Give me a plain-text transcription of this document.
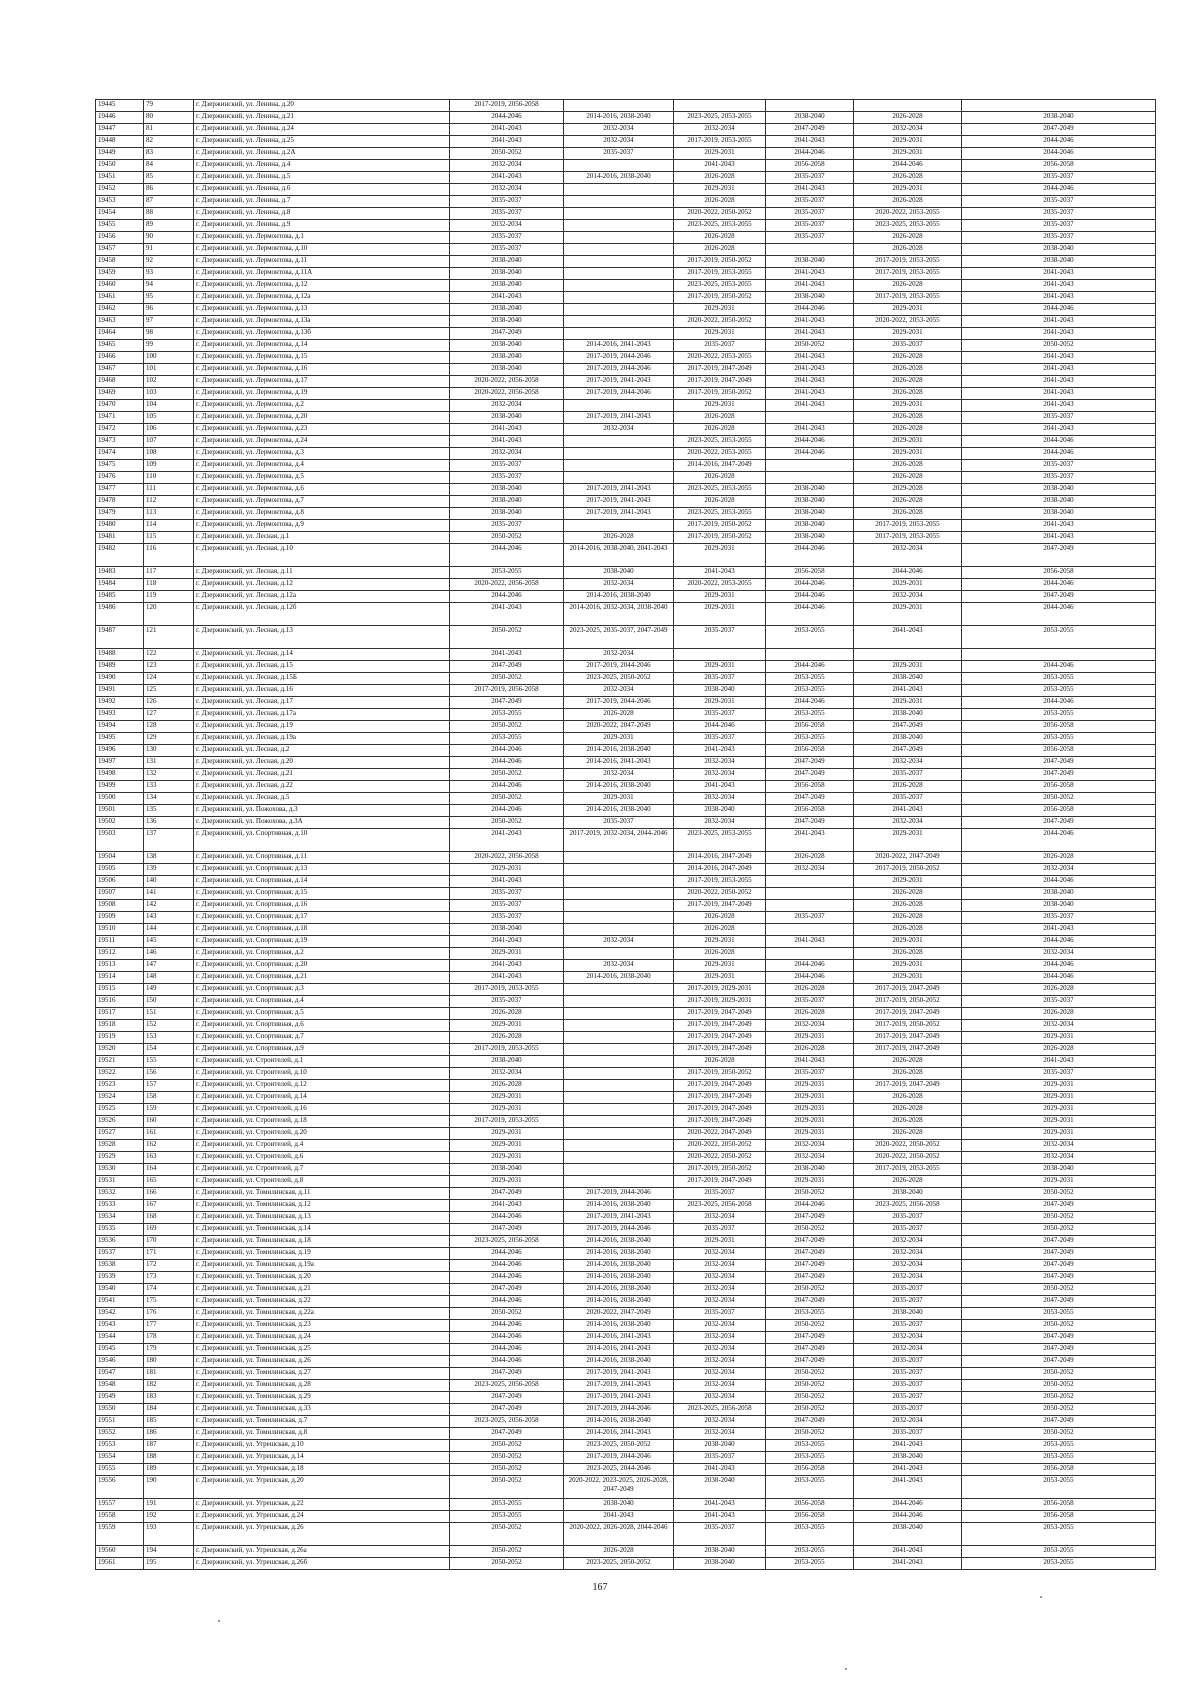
19445	79	г. Дзержинский, ул. Ленина, д.20	2017-2019, 2056-2058					
19446	80	г. Дзержинский, ул. Ленина, д.21	2044-2046	2014-2016, 2038-2040	2023-2025, 2053-2055	2038-2040	2026-2028	2038-2040
19447	81	г. Дзержинский, ул. Ленина, д.24	2041-2043	2032-2034	2032-2034	2047-2049	2032-2034	2047-2049
19448	82	г. Дзержинский, ул. Ленина, д.25	2041-2043	2032-2034	2017-2019, 2053-2055	2041-2043	2029-2031	2044-2046
19449	83	г. Дзержинский, ул. Ленина, д.2А	2050-2052	2035-2037	2029-2031	2044-2046	2029-2031	2044-2046
19450	84	г. Дзержинский, ул. Ленина, д.4	2032-2034		2041-2043	2056-2058	2044-2046	2056-2058
19451	85	г. Дзержинский, ул. Ленина, д.5	2041-2043	2014-2016, 2038-2040	2026-2028	2035-2037	2026-2028	2035-2037
19452	86	г. Дзержинский, ул. Ленина, д.6	2032-2034		2029-2031	2041-2043	2029-2031	2044-2046
19453	87	г. Дзержинский, ул. Ленина, д.7	2035-2037		2026-2028	2035-2037	2026-2028	2035-2037
19454	88	г. Дзержинский, ул. Ленина, д.8	2035-2037		2020-2022, 2050-2052	2035-2037	2020-2022, 2053-2055	2035-2037
19455	89	г. Дзержинский, ул. Ленина, д.9	2032-2034		2023-2025, 2053-2055	2035-2037	2023-2025, 2053-2055	2035-2037
19456	90	г. Дзержинский, ул. Лермонтова, д.1	2035-2037		2026-2028	2035-2037	2026-2028	2035-2037
19457	91	г. Дзержинский, ул. Лермонтова, д.10	2035-2037		2026-2028		2026-2028	2038-2040
19458	92	г. Дзержинский, ул. Лермонтова, д.11	2038-2040		2017-2019, 2050-2052	2038-2040	2017-2019, 2053-2055	2038-2040
19459	93	г. Дзержинский, ул. Лермонтова, д.11А	2038-2040		2017-2019, 2053-2055	2041-2043	2017-2019, 2053-2055	2041-2043
19460	94	г. Дзержинский, ул. Лермонтова, д.12	2038-2040		2023-2025, 2053-2055	2041-2043	2026-2028	2041-2043
19461	95	г. Дзержинский, ул. Лермонтова, д.12а	2041-2043		2017-2019, 2050-2052	2038-2040	2017-2019, 2053-2055	2041-2043
19462	96	г. Дзержинский, ул. Лермонтова, д.13	2038-2040		2029-2031	2044-2046	2029-2031	2044-2046
19463	97	г. Дзержинский, ул. Лермонтова, д.13а	2038-2040		2020-2022, 2050-2052	2041-2043	2020-2022, 2053-2055	2041-2043
19464	98	г. Дзержинский, ул. Лермонтова, д.13б	2047-2049		2029-2031	2041-2043	2029-2031	2041-2043
19465	99	г. Дзержинский, ул. Лермонтова, д.14	2038-2040	2014-2016, 2041-2043	2035-2037	2050-2052	2035-2037	2050-2052
19466	100	г. Дзержинский, ул. Лермонтова, д.15	2038-2040	2017-2019, 2044-2046	2020-2022, 2053-2055	2041-2043	2026-2028	2041-2043
19467	101	г. Дзержинский, ул. Лермонтова, д.16	2038-2040	2017-2019, 2044-2046	2017-2019, 2047-2049	2041-2043	2026-2028	2041-2043
19468	102	г. Дзержинский, ул. Лермонтова, д.17	2020-2022, 2056-2058	2017-2019, 2041-2043	2017-2019, 2047-2049	2041-2043	2026-2028	2041-2043
19469	103	г. Дзержинский, ул. Лермонтова, д.19	2020-2022, 2056-2058	2017-2019, 2044-2046	2017-2019, 2050-2052	2041-2043	2026-2028	2041-2043
19470	104	г. Дзержинский, ул. Лермонтова, д.2	2032-2034		2029-2031	2041-2043	2029-2031	2041-2043
19471	105	г. Дзержинский, ул. Лермонтова, д.20	2038-2040	2017-2019, 2041-2043	2026-2028		2026-2028	2035-2037
19472	106	г. Дзержинский, ул. Лермонтова, д.23	2041-2043	2032-2034	2026-2028	2041-2043	2026-2028	2041-2043
19473	107	г. Дзержинский, ул. Лермонтова, д.24	2041-2043		2023-2025, 2053-2055	2044-2046	2029-2031	2044-2046
19474	108	г. Дзержинский, ул. Лермонтова, д.3	2032-2034		2020-2022, 2053-2055	2044-2046	2029-2031	2044-2046
19475	109	г. Дзержинский, ул. Лермонтова, д.4	2035-2037		2014-2016, 2047-2049		2026-2028	2035-2037
19476	110	г. Дзержинский, ул. Лермонтова, д.5	2035-2037		2026-2028		2026-2028	2035-2037
19477	111	г. Дзержинский, ул. Лермонтова, д.6	2038-2040	2017-2019, 2041-2043	2023-2025, 2053-2055	2038-2040	2029-2028	2038-2040
19478	112	г. Дзержинский, ул. Лермонтова, д.7	2038-2040	2017-2019, 2041-2043	2026-2028	2038-2040	2026-2028	2038-2040
19479	113	г. Дзержинский, ул. Лермонтова, д.8	2038-2040	2017-2019, 2041-2043	2023-2025, 2053-2055	2038-2040	2026-2028	2038-2040
19480	114	г. Дзержинский, ул. Лермонтова, д.9	2035-2037		2017-2019, 2050-2052	2038-2040	2017-2019, 2053-2055	2041-2043
19481	115	г. Дзержинский, ул. Лесная, д.1	2050-2052	2026-2028	2017-2019, 2050-2052	2038-2040	2017-2019, 2053-2055	2041-2043
19482	116	г. Дзержинский, ул. Лесная, д.10	2044-2046	2014-2016, 2038-2040, 2041-2043	2029-2031	2044-2046	2032-2034	2047-2049
19483	117	г. Дзержинский, ул. Лесная, д.11	2053-2055	2038-2040	2041-2043	2056-2058	2044-2046	2056-2058
19484	118	г. Дзержинский, ул. Лесная, д.12	2020-2022, 2056-2058	2032-2034	2020-2022, 2053-2055	2044-2046	2029-2031	2044-2046
19485	119	г. Дзержинский, ул. Лесная, д.12а	2044-2046	2014-2016, 2038-2040	2029-2031	2044-2046	2032-2034	2047-2049
19486	120	г. Дзержинский, ул. Лесная, д.12б	2041-2043	2014-2016, 2032-2034, 2038-2040	2029-2031	2044-2046	2029-2031	2044-2046
19487	121	г. Дзержинский, ул. Лесная, д.13	2050-2052	2023-2025, 2035-2037, 2047-2049	2035-2037	2053-2055	2041-2043	2053-2055
19488	122	г. Дзержинский, ул. Лесная, д.14	2041-2043	2032-2034				
19489	123	г. Дзержинский, ул. Лесная, д.15	2047-2049	2017-2019, 2044-2046	2029-2031	2044-2046	2029-2031	2044-2046
19490	124	г. Дзержинский, ул. Лесная, д.15Б	2050-2052	2023-2025, 2050-2052	2035-2037	2053-2055	2038-2040	2053-2055
19491	125	г. Дзержинский, ул. Лесная, д.16	2017-2019, 2056-2058	2032-2034	2038-2040	2053-2055	2041-2043	2053-2055
19492	126	г. Дзержинский, ул. Лесная, д.17	2047-2049	2017-2019, 2044-2046	2029-2031	2044-2046	2029-2031	2044-2046
19493	127	г. Дзержинский, ул. Лесная, д.17а	2053-2055	2026-2028	2035-2037	2053-2055	2038-2040	2053-2055
19494	128	г. Дзержинский, ул. Лесная, д.19	2050-2052	2020-2022, 2047-2049	2044-2046	2056-2058	2047-2049	2056-2058
19495	129	г. Дзержинский, ул. Лесная, д.19а	2053-2055	2029-2031	2035-2037	2053-2055	2038-2040	2053-2055
19496	130	г. Дзержинский, ул. Лесная, д.2	2044-2046	2014-2016, 2038-2040	2041-2043	2056-2058	2047-2049	2056-2058
19497	131	г. Дзержинский, ул. Лесная, д.20	2044-2046	2014-2016, 2041-2043	2032-2034	2047-2049	2032-2034	2047-2049
19498	132	г. Дзержинский, ул. Лесная, д.21	2050-2052	2032-2034	2032-2034	2047-2049	2035-2037	2047-2049
19499	133	г. Дзержинский, ул. Лесная, д.22	2044-2046	2014-2016, 2038-2040	2041-2043	2056-2058	2026-2028	2056-2058
19500	134	г. Дзержинский, ул. Лесная, д.5	2050-2052	2029-2031	2032-2034	2047-2049	2035-2037	2050-2052
19501	135	г. Дзержинский, ул. Пожохова, д.3	2044-2046	2014-2016, 2038-2040	2038-2040	2056-2058	2041-2043	2056-2058
19502	136	г. Дзержинский, ул. Пожохова, д.3А	2050-2052	2035-2037	2032-2034	2047-2049	2032-2034	2047-2049
19503	137	г. Дзержинский, ул. Спортивная, д.10	2041-2043	2017-2019, 2032-2034, 2044-2046	2023-2025, 2053-2055	2041-2043	2029-2031	2044-2046
19504	138	г. Дзержинский, ул. Спортивная, д.11	2020-2022, 2056-2058		2014-2016, 2047-2049	2026-2028	2020-2022, 2047-2049	2026-2028
19505	139	г. Дзержинский, ул. Спортивная, д.13	2029-2031		2014-2016, 2047-2049	2032-2034	2017-2019, 2050-2052	2032-2034
19506	140	г. Дзержинский, ул. Спортивная, д.14	2041-2043		2017-2019, 2053-2055		2029-2031	2044-2046
19507	141	г. Дзержинский, ул. Спортивная, д.15	2035-2037		2020-2022, 2050-2052		2026-2028	2038-2040
19508	142	г. Дзержинский, ул. Спортивная, д.16	2035-2037		2017-2019, 2047-2049		2026-2028	2038-2040
19509	143	г. Дзержинский, ул. Спортивная, д.17	2035-2037		2026-2028	2035-2037	2026-2028	2035-2037
19510	144	г. Дзержинский, ул. Спортивная, д.18	2038-2040		2026-2028		2026-2028	2041-2043
19511	145	г. Дзержинский, ул. Спортивная, д.19	2041-2043	2032-2034	2029-2031	2041-2043	2029-2031	2044-2046
19512	146	г. Дзержинский, ул. Спортивная, д.2	2029-2031		2026-2028		2026-2028	2032-2034
19513	147	г. Дзержинский, ул. Спортивная, д.20	2041-2043	2032-2034	2029-2031	2044-2046	2029-2031	2044-2046
19514	148	г. Дзержинский, ул. Спортивная, д.21	2041-2043	2014-2016, 2038-2040	2029-2031	2044-2046	2029-2031	2044-2046
19515	149	г. Дзержинский, ул. Спортивная, д.3	2017-2019, 2053-2055		2017-2019, 2029-2031	2026-2028	2017-2019, 2047-2049	2026-2028
19516	150	г. Дзержинский, ул. Спортивная, д.4	2035-2037		2017-2019, 2029-2031	2035-2037	2017-2019, 2050-2052	2035-2037
19517	151	г. Дзержинский, ул. Спортивная, д.5	2026-2028		2017-2019, 2047-2049	2026-2028	2017-2019, 2047-2049	2026-2028
19518	152	г. Дзержинский, ул. Спортивная, д.6	2029-2031		2017-2019, 2047-2049	2032-2034	2017-2019, 2050-2052	2032-2034
19519	153	г. Дзержинский, ул. Спортивная, д.7	2026-2028		2017-2019, 2047-2049	2029-2031	2017-2019, 2047-2049	2029-2031
19520	154	г. Дзержинский, ул. Спортивная, д.9	2017-2019, 2053-2055		2017-2019, 2047-2049	2026-2028	2017-2019, 2047-2049	2026-2028
19521	155	г. Дзержинский, ул. Строителей, д.1	2038-2040		2026-2028	2041-2043	2026-2028	2041-2043
19522	156	г. Дзержинский, ул. Строителей, д.10	2032-2034		2017-2019, 2050-2052	2035-2037	2026-2028	2035-2037
19523	157	г. Дзержинский, ул. Строителей, д.12	2026-2028		2017-2019, 2047-2049	2029-2031	2017-2019, 2047-2049	2029-2031
19524	158	г. Дзержинский, ул. Строителей, д.14	2029-2031		2017-2019, 2047-2049	2029-2031	2026-2028	2029-2031
19525	159	г. Дзержинский, ул. Строителей, д.16	2029-2031		2017-2019, 2047-2049	2029-2031	2026-2028	2029-2031
19526	160	г. Дзержинский, ул. Строителей, д.18	2017-2019, 2053-2055		2017-2019, 2047-2049	2029-2031	2026-2028	2029-2031
19527	161	г. Дзержинский, ул. Строителей, д.20	2029-2031		2020-2022, 2047-2049	2029-2031	2026-2028	2029-2031
19528	162	г. Дзержинский, ул. Строителей, д.4	2029-2031		2020-2022, 2050-2052	2032-2034	2020-2022, 2050-2052	2032-2034
19529	163	г. Дзержинский, ул. Строителей, д.6	2029-2031		2020-2022, 2050-2052	2032-2034	2020-2022, 2050-2052	2032-2034
19530	164	г. Дзержинский, ул. Строителей, д.7	2038-2040		2017-2019, 2050-2052	2038-2040	2017-2019, 2053-2055	2038-2040
19531	165	г. Дзержинский, ул. Строителей, д.8	2029-2031		2017-2019, 2047-2049	2029-2031	2026-2028	2029-2031
19532	166	г. Дзержинский, ул. Томилинская, д.11	2047-2049	2017-2019, 2044-2046	2035-2037	2050-2052	2038-2040	2050-2052
19533	167	г. Дзержинский, ул. Томилинская, д.12	2041-2043	2014-2016, 2038-2040	2023-2025, 2056-2058	2044-2046	2023-2025, 2056-2058	2047-2049
19534	168	г. Дзержинский, ул. Томилинская, д.13	2044-2046	2017-2019, 2041-2043	2032-2034	2047-2049	2035-2037	2050-2052
19535	169	г. Дзержинский, ул. Томилинская, д.14	2047-2049	2017-2019, 2044-2046	2035-2037	2050-2052	2035-2037	2050-2052
19536	170	г. Дзержинский, ул. Томилинская, д.18	2023-2025, 2056-2058	2014-2016, 2038-2040	2029-2031	2047-2049	2032-2034	2047-2049
19537	171	г. Дзержинский, ул. Томилинская, д.19	2044-2046	2014-2016, 2038-2040	2032-2034	2047-2049	2032-2034	2047-2049
19538	172	г. Дзержинский, ул. Томилинская, д.19а	2044-2046	2014-2016, 2038-2040	2032-2034	2047-2049	2032-2034	2047-2049
19539	173	г. Дзержинский, ул. Томилинская, д.20	2044-2046	2014-2016, 2038-2040	2032-2034	2047-2049	2032-2034	2047-2049
19540	174	г. Дзержинский, ул. Томилинская, д.21	2047-2049	2014-2016, 2038-2040	2032-2034	2050-2052	2035-2037	2050-2052
19541	175	г. Дзержинский, ул. Томилинская, д.22	2044-2046	2014-2016, 2038-2040	2032-2034	2047-2049	2035-2037	2047-2049
19542	176	г. Дзержинский, ул. Томилинская, д.22а	2050-2052	2020-2022, 2047-2049	2035-2037	2053-2055	2038-2040	2053-2055
19543	177	г. Дзержинский, ул. Томилинская, д.23	2044-2046	2014-2016, 2038-2040	2032-2034	2050-2052	2035-2037	2050-2052
19544	178	г. Дзержинский, ул. Томилинская, д.24	2044-2046	2014-2016, 2041-2043	2032-2034	2047-2049	2032-2034	2047-2049
19545	179	г. Дзержинский, ул. Томилинская, д.25	2044-2046	2014-2016, 2041-2043	2032-2034	2047-2049	2032-2034	2047-2049
19546	180	г. Дзержинский, ул. Томилинская, д.26	2044-2046	2014-2016, 2038-2040	2032-2034	2047-2049	2035-2037	2047-2049
19547	181	г. Дзержинский, ул. Томилинская, д.27	2047-2049	2017-2019, 2041-2043	2032-2034	2050-2052	2035-2037	2050-2052
19548	182	г. Дзержинский, ул. Томилинская, д.28	2023-2025, 2056-2058	2017-2019, 2041-2043	2032-2034	2050-2052	2035-2037	2050-2052
19549	183	г. Дзержинский, ул. Томилинская, д.29	2047-2049	2017-2019, 2041-2043	2032-2034	2050-2052	2035-2037	2050-2052
19550	184	г. Дзержинский, ул. Томилинская, д.33	2047-2049	2017-2019, 2044-2046	2023-2025, 2056-2058	2050-2052	2035-2037	2050-2052
19551	185	г. Дзержинский, ул. Томилинская, д.7	2023-2025, 2056-2058	2014-2016, 2038-2040	2032-2034	2047-2049	2032-2034	2047-2049
19552	186	г. Дзержинский, ул. Томилинская, д.8	2047-2049	2014-2016, 2041-2043	2032-2034	2050-2052	2035-2037	2050-2052
19553	187	г. Дзержинский, ул. Угрешская, д.10	2050-2052	2023-2025, 2050-2052	2038-2040	2053-2055	2041-2043	2053-2055
19554	188	г. Дзержинский, ул. Угрешская, д.14	2050-2052	2017-2019, 2044-2046	2035-2037	2053-2055	2038-2040	2053-2055
19555	189	г. Дзержинский, ул. Угрешская, д.18	2050-2052	2023-2025, 2044-2046	2041-2043	2056-2058	2041-2043	2056-2058
19556	190	г. Дзержинский, ул. Угрешская, д.20	2050-2052	2020-2022, 2023-2025, 2026-2028, 2047-2049	2038-2040	2053-2055	2041-2043	2053-2055
19557	191	г. Дзержинский, ул. Угрешская, д.22	2053-2055	2038-2040	2041-2043	2056-2058	2044-2046	2056-2058
19558	192	г. Дзержинский, ул. Угрешская, д.24	2053-2055	2041-2043	2041-2043	2056-2058	2044-2046	2056-2058
19559	193	г. Дзержинский, ул. Угрешская, д.26	2050-2052	2020-2022, 2026-2028, 2044-2046	2035-2037	2053-2055	2038-2040	2053-2055
19560	194	г. Дзержинский, ул. Угрешская, д.26а	2050-2052	2026-2028	2038-2040	2053-2055	2041-2043	2053-2055
19561	195	г. Дзержинский, ул. Угрешская, д.26б	2050-2052	2023-2025, 2050-2052	2038-2040	2053-2055	2041-2043	2053-2055
167
